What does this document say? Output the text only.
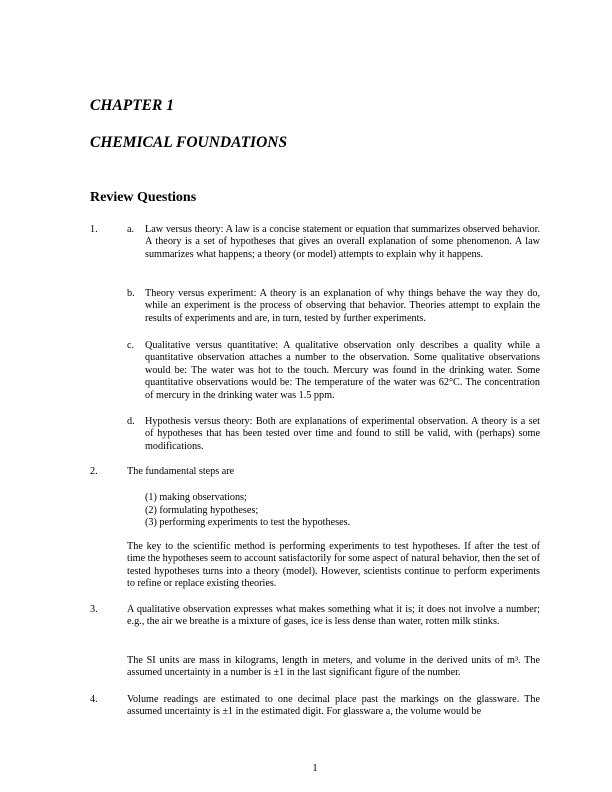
CHAPTER 1
CHEMICAL FOUNDATIONS
Review Questions
1.	a. Law versus theory: A law is a concise statement or equation that summarizes observed behavior. A theory is a set of hypotheses that gives an overall explanation of some phenomenon. A law summarizes what happens; a theory (or model) attempts to explain why it happens.
b. Theory versus experiment: A theory is an explanation of why things behave the way they do, while an experiment is the process of observing that behavior. Theories attempt to explain the results of experiments and are, in turn, tested by further experiments.
c. Qualitative versus quantitative: A qualitative observation only describes a quality while a quantitative observation attaches a number to the observation. Some qualitative observations would be: The water was hot to the touch. Mercury was found in the drinking water. Some quantitative observations would be: The temperature of the water was 62°C. The concentration of mercury in the drinking water was 1.5 ppm.
d. Hypothesis versus theory: Both are explanations of experimental observation. A theory is a set of hypotheses that has been tested over time and found to still be valid, with (perhaps) some modifications.
2.	The fundamental steps are
(1) making observations;
(2) formulating hypotheses;
(3) performing experiments to test the hypotheses.
The key to the scientific method is performing experiments to test hypotheses. If after the test of time the hypotheses seem to account satisfactorily for some aspect of natural behavior, then the set of tested hypotheses turns into a theory (model). However, scientists continue to perform experiments to refine or replace existing theories.
3.	A qualitative observation expresses what makes something what it is; it does not involve a number; e.g., the air we breathe is a mixture of gases, ice is less dense than water, rotten milk stinks.
The SI units are mass in kilograms, length in meters, and volume in the derived units of m³. The assumed uncertainty in a number is ±1 in the last significant figure of the number.
4.	Volume readings are estimated to one decimal place past the markings on the glassware. The assumed uncertainty is ±1 in the estimated digit. For glassware a, the volume would be
1
